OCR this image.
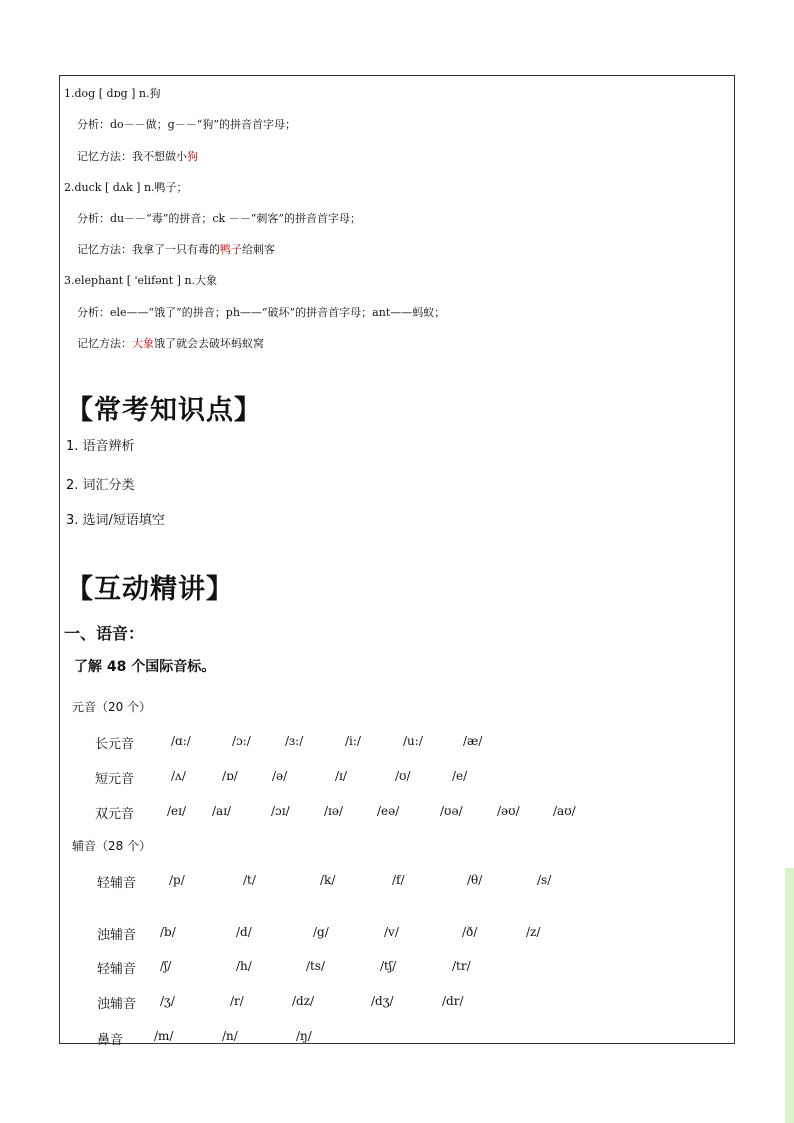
1.dog [ dɒg ] n.狗
分析：do－－做；g－－“狗”的拼音首字母；
记忆方法：我不想做小狗
2.duck [ dʌk ] n.鸭子；
分析：du－－“毒”的拼音；ck －－“刺客”的拼音首字母；
记忆方法：我拿了一只有毒的鸭子给刺客
3.elephant [ 'elifənt ] n.大象
分析：ele——“饿了”的拼音；ph——“破坏”的拼音首字母；ant——蚂蚁；
记忆方法：大象饿了就会去破坏蚂蚁窝
【常考知识点】
1. 语音辨析
2. 词汇分类
3. 选词/短语填空
【互动精讲】
一、语音：
了解 48 个国际音标。
元音（20 个）
长元音	/ɑ:/	/ɔ:/	/ɜ:/	/i:/	/u:/	/æ/
短元音	/ʌ/	/ɒ/	/ə/	/ɪ/	/ʊ/	/e/
双元音	/eɪ/ /aɪ/	/ɔɪ/	/ɪə/	/eə/	/ʊə/	/əʊ/	/aʊ/
辅音（28 个）
轻辅音	/p/	/t/	/k/	/f/	/θ/	/s/
浊辅音 /b/	/d/	/g/	/v/	/ð/	/z/
轻辅音 /ʃ/	/h/	/ts/	/tʃ/	/tr/
浊辅音 /ʒ/	/r/	/dz/	/dʒ/	/dr/
鼻音	/m/	/n/	/ŋ/
